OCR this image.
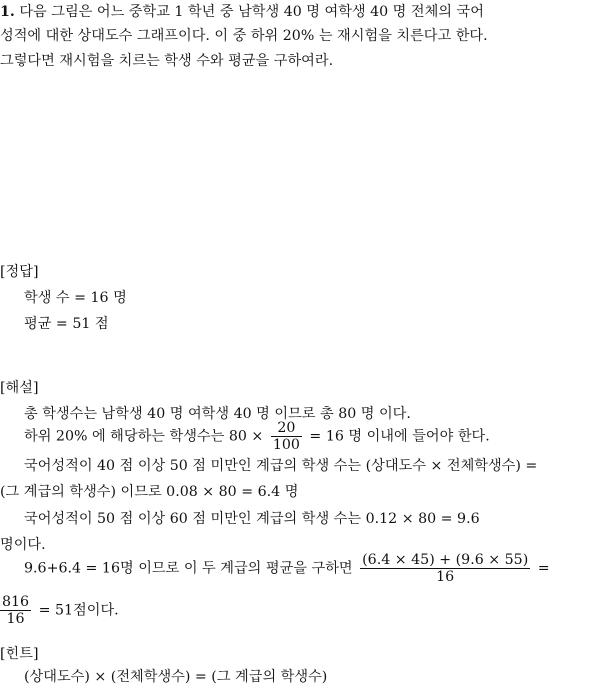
1. 다음 그림은 어느 중학교 1 학년 중 남학생 40 명 여학생 40 명 전체의 국어
성적에 대한 상대도수 그래프이다. 이 중 하위 20% 는 재시험을 치른다고 한다.
그렇다면 재시험을 치르는 학생 수와 평균을 구하여라.
[정답]
학생 수 = 16 명
평균 = 51 점
[해설]
총 학생수는 남학생 40 명 여학생 40 명 이므로 총 80 명 이다.
하위 20% 에 해당하는 학생수는 $80 \times \frac{20}{100} = 16$ 명 이내에 들어야 한다.
국어성적이 40 점 이상 50 점 미만인 계급의 학생 수는 (상대도수 × 전체학생수) =
(그 계급의 학생수) 이므로 0.08 × 80 = 6.4 명
국어성적이 50 점 이상 60 점 미만인 계급의 학생 수는 0.12 × 80 = 9.6
명이다.
9.6+6.4 = 16명 이므로 이 두 계급의 평균을 구하면 $\frac{(6.4 \times 45) + (9.6 \times 55)}{16}$ =
$\frac{816}{16} = 51$점이다.
[힌트]
(상대도수) × (전체학생수) = (그 계급의 학생수)
